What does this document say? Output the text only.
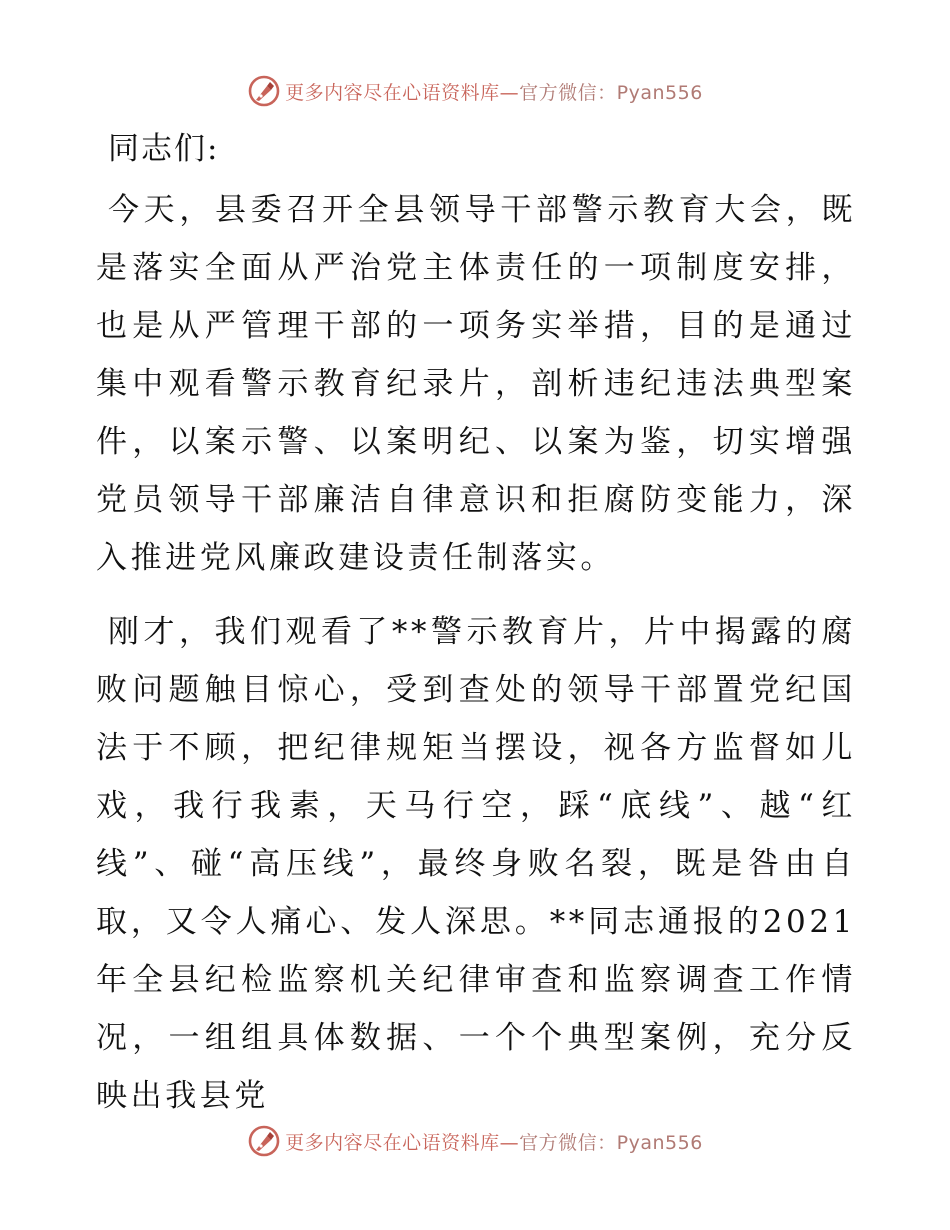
更多内容尽在心语资料库—官方微信：Pyan556
同志们:

今天，县委召开全县领导干部警示教育大会，既是落实全面从严治党主体责任的一项制度安排，也是从严管理干部的一项务实举措，目的是通过集中观看警示教育纪录片，剖析违纪违法典型案件，以案示警、以案明纪、以案为鉴，切实增强党员领导干部廉洁自律意识和拒腐防变能力，深入推进党风廉政建设责任制落实。

刚才，我们观看了**警示教育片，片中揭露的腐败问题触目惊心，受到查处的领导干部置党纪国法于不顾，把纪律规矩当摆设，视各方监督如儿戏，我行我素，天马行空，踩“底线”、越“红线”、碰“高压线”，最终身败名裂，既是咎由自取，又令人痛心、发人深思。**同志通报的2021年全县纪检监察机关纪律审查和监察调查工作情况，一组组具体数据、一个个典型案例，充分反映出我县党

更多内容尽在心语资料库—官方微信：Pyan556
